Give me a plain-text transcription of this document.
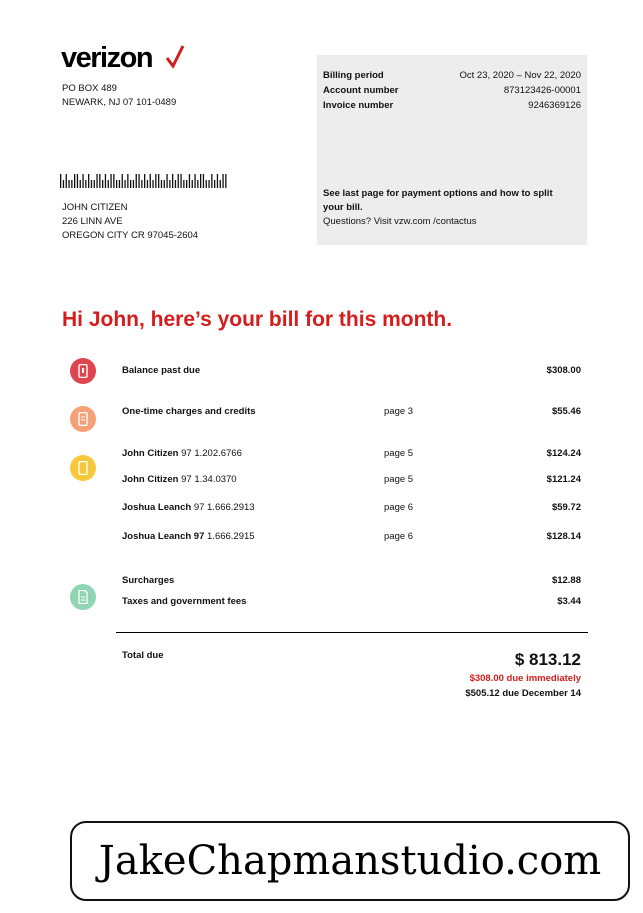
verizon
PO BOX 489
NEWARK, NJ 07 101-0489
JOHN CITIZEN
226 LINN AVE
OREGON CITY CR 97045-2604
Billing period	Oct 23, 2020 – Nov 22, 2020
Account number	873123426-00001
Invoice number	9246369126
See last page for payment options and how to split your bill.
Questions? Visit vzw.com /contactus
Hi John, here’s your bill for this month.
Balance past due	$308.00
One-time charges and credits	page 3	$55.46
John Citizen 97 1.202.6766	page 5	$124.24
John Citizen 97 1.34.0370	page 5	$121.24
Joshua Leanch 97 1.666.2913	page 6	$59.72
Joshua Leanch 97 1.666.2915	page 6	$128.14
Surcharges	$12.88
Taxes and government fees	$3.44
Total due	$ 813.12
$308.00 due immediately
$505.12 due December 14
JakeChapmanstudio.com
